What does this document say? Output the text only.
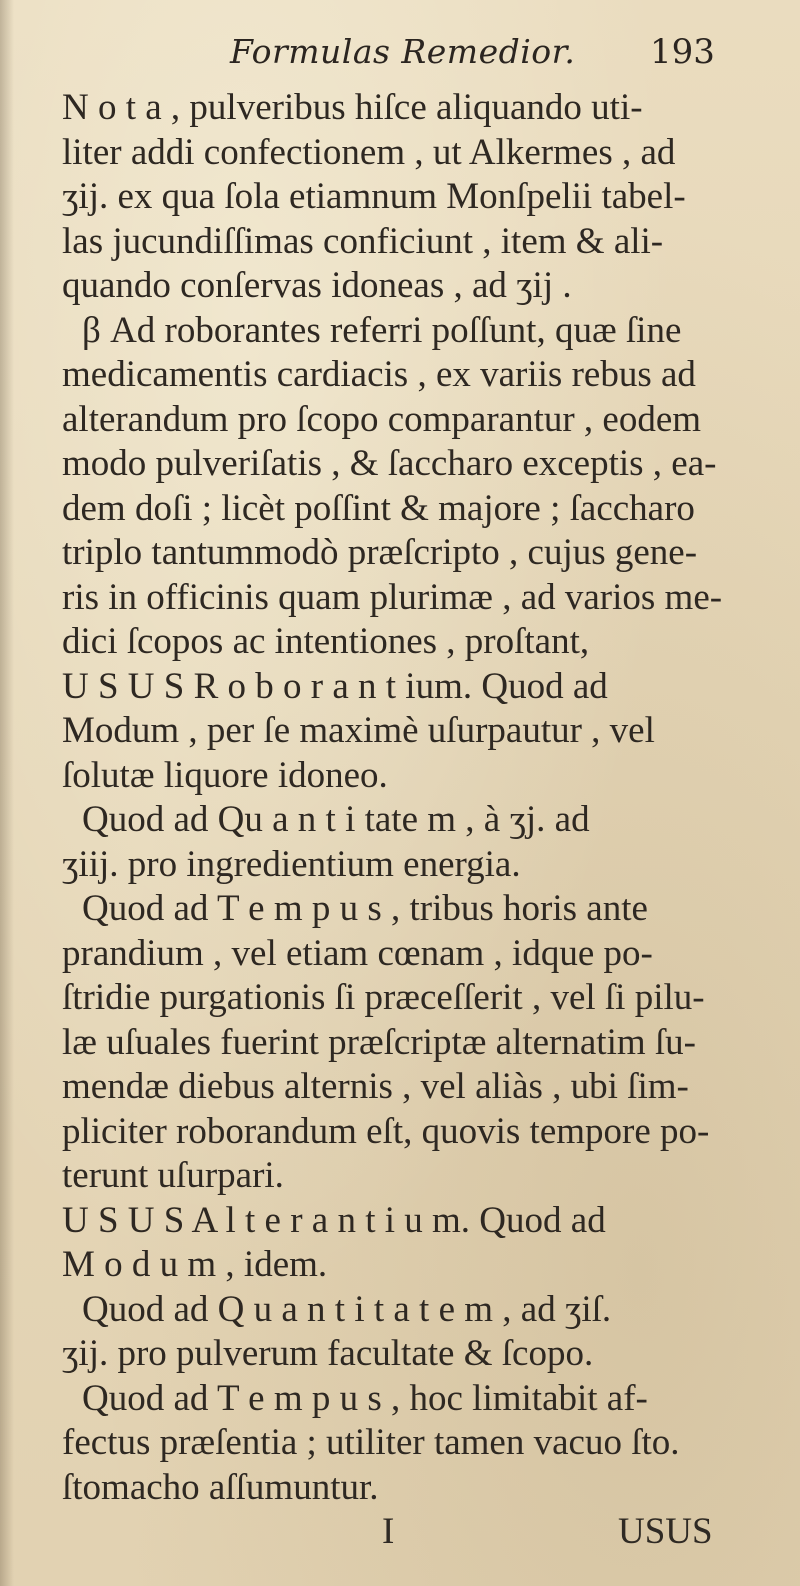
Formulas Remedior. 193
N o t a , pulveribus hiſce aliquando uti-
liter addi confectionem , ut Alkermes , ad
ʒij. ex qua ſola etiamnum Monſpelii tabel-
las jucundiſſimas conficiunt , item & ali-
quando conſervas idoneas , ad ʒij .
β Ad roborantes referri poſſunt, quæ ſine
medicamentis cardiacis , ex variis rebus ad
alterandum pro ſcopo comparantur , eodem
modo pulveriſatis , & ſaccharo exceptis , ea-
dem doſi ; licèt poſſint & majore ; ſaccharo
triplo tantummodò præſcripto , cujus gene-
ris in officinis quam plurimæ , ad varios me-
dici ſcopos ac intentiones , proſtant,
U S U S R o b o r a n t ium. Quod ad
Modum , per ſe maximè uſurpautur , vel
ſolutæ liquore idoneo.
Quod ad Qu a n t i tate m , à ʒj. ad
ʒiij. pro ingredientium energia.
Quod ad T e m p u s , tribus horis ante
prandium , vel etiam cœnam , idque po-
ſtridie purgationis ſi præceſſerit , vel ſi pilu-
læ uſuales fuerint præſcriptæ alternatim ſu-
mendæ diebus alternis , vel aliàs , ubi ſim-
pliciter roborandum eſt, quovis tempore po-
terunt uſurpari.
U S U S A l t e r a n t i u m. Quod ad
M o d u m , idem.
Quod ad Q u a n t i t a t e m , ad ʒiſ.
ʒij. pro pulverum facultate & ſcopo.
Quod ad T e m p u s , hoc limitabit af-
fectus præſentia ; utiliter tamen vacuo ſto.
ſtomacho aſſumuntur.
I	USUS
